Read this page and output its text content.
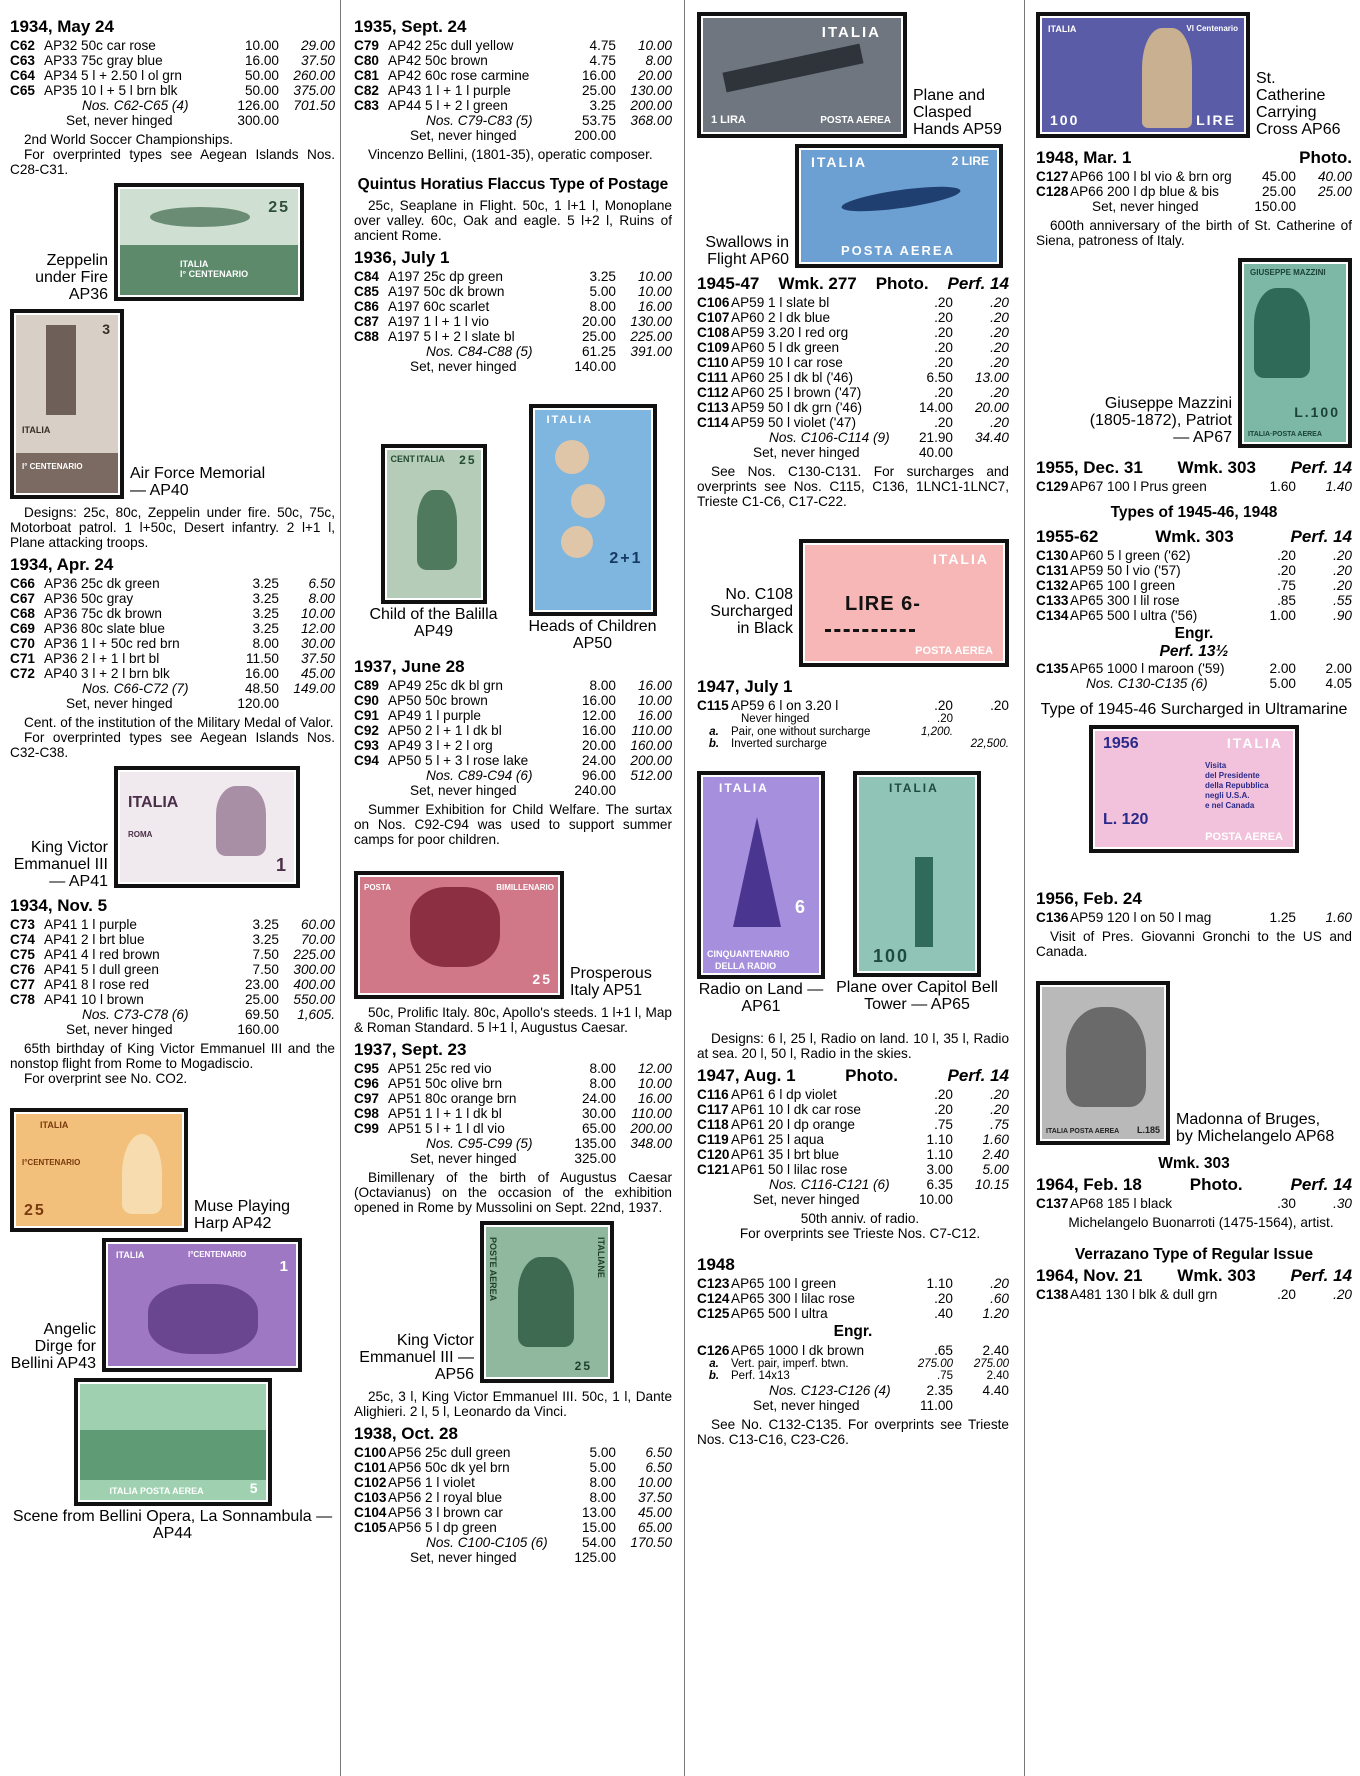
1934, May 24
C62	AP32 50c car rose	10.00	29.00
C63	AP33 75c gray blue	16.00	37.50
C64	AP34 5 l + 2.50 l ol grn	50.00	260.00
C65	AP35 10 l + 5 l brn blk	50.00	375.00
	Nos. C62-C65 (4)	126.00	701.50
	Set, never hinged	300.00	

2nd World Soccer Championships.

For overprinted types see Aegean Islands Nos. C28-C31.

Zeppelin under Fire AP36
ITALIA
I° CENTENARIO
25
ITALIA
I° CENTENARIO
3
Air Force Memorial — AP40

Designs: 25c, 80c, Zeppelin under fire. 50c, 75c, Motorboat patrol. 1 l+50c, Desert infantry. 2 l+1 l, Plane attacking troops.

1934, Apr. 24
C66	AP36 25c dk green	3.25	6.50
C67	AP36 50c gray	3.25	8.00
C68	AP36 75c dk brown	3.25	10.00
C69	AP36 80c slate blue	3.25	12.00
C70	AP36 1 l + 50c red brn	8.00	30.00
C71	AP36 2 l + 1 l brt bl	11.50	37.50
C72	AP40 3 l + 2 l brn blk	16.00	45.00
	Nos. C66-C72 (7)	48.50	149.00
	Set, never hinged	120.00	

Cent. of the institution of the Military Medal of Valor.

For overprinted types see Aegean Islands Nos. C32-C38.

King Victor Emmanuel III — AP41
ITALIA
ROMA
1
1934, Nov. 5
C73	AP41 1 l purple	3.25	60.00
C74	AP41 2 l brt blue	3.25	70.00
C75	AP41 4 l red brown	7.50	225.00
C76	AP41 5 l dull green	7.50	300.00
C77	AP41 8 l rose red	23.00	400.00
C78	AP41 10 l brown	25.00	550.00
	Nos. C73-C78 (6)	69.50	1,605.
	Set, never hinged	160.00	

65th birthday of King Victor Emmanuel III and the nonstop flight from Rome to Mogadiscio.

For overprint see No. CO2.

ITALIA
I°CENTENARIO
25	Muse Playing Harp AP42
Angelic Dirge for Bellini AP43
ITALIA	I°CENTENARIO
1
ITALIA POSTA AEREA	5
Scene from Bellini Opera, La Sonnambula — AP44
1935, Sept. 24
C79	AP42 25c dull yellow	4.75	10.00
C80	AP42 50c brown	4.75	8.00
C81	AP42 60c rose carmine	16.00	20.00
C82	AP43 1 l + 1 l purple	25.00	130.00
C83	AP44 5 l + 2 l green	3.25	200.00
	Nos. C79-C83 (5)	53.75	368.00
	Set, never hinged	200.00	

Vincenzo Bellini, (1801-35), operatic composer.

Quintus Horatius Flaccus Type of Postage

25c, Seaplane in Flight. 50c, 1 l+1 l, Monoplane over valley. 60c, Oak and eagle. 5 l+2 l, Ruins of ancient Rome.

1936, July 1
C84	A197 25c dp green	3.25	10.00
C85	A197 50c dk brown	5.00	10.00
C86	A197 60c scarlet	8.00	16.00
C87	A197 1 l + 1 l vio	20.00	130.00
C88	A197 5 l + 2 l slate bl	25.00	225.00
	Nos. C84-C88 (5)	61.25	391.00
	Set, never hinged	140.00	
CENT ITALIA 25
Child of the Balilla AP49
ITALIA
2+1
Heads of Children AP50
1937, June 28
C89	AP49 25c dk bl grn	8.00	16.00
C90	AP50 50c brown	16.00	10.00
C91	AP49 1 l purple	12.00	16.00
C92	AP50 2 l + 1 l dk bl	16.00	110.00
C93	AP49 3 l + 2 l org	20.00	160.00
C94	AP50 5 l + 3 l rose lake	24.00	200.00
	Nos. C89-C94 (6)	96.00	512.00
	Set, never hinged	240.00	

Summer Exhibition for Child Welfare. The surtax on Nos. C92-C94 was used to support summer camps for poor children.

POSTA	BIMILLENARIO
25 Prosperous Italy AP51

50c, Prolific Italy. 80c, Apollo's steeds. 1 l+1 l, Map & Roman Standard. 5 l+1 l, Augustus Caesar.

1937, Sept. 23
C95	AP51 25c red vio	8.00	12.00
C96	AP51 50c olive brn	8.00	10.00
C97	AP51 80c orange brn	24.00	16.00
C98	AP51 1 l + 1 l dk bl	30.00	110.00
C99	AP51 5 l + 1 l dl vio	65.00	200.00
	Nos. C95-C99 (5)	135.00	348.00
	Set, never hinged	325.00	

Bimillenary of the birth of Augustus Caesar (Octavianus) on the occasion of the exhibition opened in Rome by Mussolini on Sept. 22nd, 1937.

King Victor Emmanuel III — AP56
POSTE AEREA	ITALIANE
25

25c, 3 l, King Victor Emmanuel III. 50c, 1 l, Dante Alighieri. 2 l, 5 l, Leonardo da Vinci.

1938, Oct. 28
C100	AP56 25c dull green	5.00	6.50
C101	AP56 50c dk yel brn	5.00	6.50
C102	AP56 1 l violet	8.00	10.00
C103	AP56 2 l royal blue	8.00	37.50
C104	AP56 3 l brown car	13.00	45.00
C105	AP56 5 l dp green	15.00	65.00
	Nos. C100-C105 (6)	54.00	170.50
	Set, never hinged	125.00	
ITALIA
1 LIRA	POSTA AEREA
Plane and Clasped Hands AP59
Swallows in Flight AP60
ITALIA	2 LIRE
POSTA AEREA
1945-47 Wmk. 277 Photo. Perf. 14
C106	AP59 1 l slate bl	.20	.20
C107	AP60 2 l dk blue	.20	.20
C108	AP59 3.20 l red org	.20	.20
C109	AP60 5 l dk green	.20	.20
C110	AP59 10 l car rose	.20	.20
C111	AP60 25 l dk bl ('46)	6.50	13.00
C112	AP60 25 l brown ('47)	.20	.20
C113	AP59 50 l dk grn ('46)	14.00	20.00
C114	AP59 50 l violet ('47)	.20	.20
	Nos. C106-C114 (9)	21.90	34.40
	Set, never hinged	40.00	

See Nos. C130-C131. For surcharges and overprints see Nos. C115, C136, 1LNC1-1LNC7, Trieste C1-C6, C17-C22.

No. C108 Surcharged in Black
ITALIA
LIRE 6-
POSTA AEREA
1947, July 1
C115	AP59 6 l on 3.20 l	.20	.20
	Never hinged	.20	
a.	Pair, one without surcharge	1,200.	
b.	Inverted surcharge		22,500.
ITALIA
6
CINQUANTENARIO
DELLA RADIO
Radio on Land — AP61
ITALIA
100
Plane over Capitol Bell Tower — AP65

Designs: 6 l, 25 l, Radio on land. 10 l, 35 l, Radio at sea. 20 l, 50 l, Radio in the skies.

1947, Aug. 1	Photo.	Perf. 14
C116	AP61 6 l dp violet	.20	.20
C117	AP61 10 l dk car rose	.20	.20
C118	AP61 20 l dp orange	.75	.75
C119	AP61 25 l aqua	1.10	1.60
C120	AP61 35 l brt blue	1.10	2.40
C121	AP61 50 l lilac rose	3.00	5.00
	Nos. C116-C121 (6)	6.35	10.15
	Set, never hinged	10.00	

50th anniv. of radio.

For overprints see Trieste Nos. C7-C12.

1948
C123	AP65 100 l green	1.10	.20
C124	AP65 300 l lilac rose	.20	.60
C125	AP65 500 l ultra	.40	1.20
Engr.
C126	AP65 1000 l dk brown	.65	2.40
a.	Vert. pair, imperf. btwn.	275.00	275.00
b.	Perf. 14x13	.75	2.40
	Nos. C123-C126 (4)	2.35	4.40
	Set, never hinged	11.00	

See No. C132-C135. For overprints see Trieste Nos. C13-C16, C23-C26.

ITALIA	VI Centenario
100	LIRE
St. Catherine Carrying Cross AP66
1948, Mar. 1	Photo.
C127	AP66 100 l bl vio & brn org	45.00	40.00
C128	AP66 200 l dp blue & bis	25.00	25.00
	Set, never hinged	150.00	

600th anniversary of the birth of St. Catherine of Siena, patroness of Italy.

Giuseppe Mazzini (1805-1872), Patriot — AP67
GIUSEPPE MAZZINI
L.100
ITALIA·POSTA AEREA
1955, Dec. 31 Wmk. 303 Perf. 14
C129	AP67 100 l Prus green	1.60	1.40
Types of 1945-46, 1948
1955-62	Wmk. 303	Perf. 14
C130	AP60 5 l green ('62)	.20	.20
C131	AP59 50 l vio ('57)	.20	.20
C132	AP65 100 l green	.75	.20
C133	AP65 300 l lil rose	.85	.55
C134	AP65 500 l ultra ('56)	1.00	.90
Engr.
Perf. 13½
C135	AP65 1000 l maroon ('59)	2.00	2.00
	Nos. C130-C135 (6)	5.00	4.05
Type of 1945-46 Surcharged in Ultramarine
1956	ITALIA
Visita
del Presidente
della Repubblica
negli U.S.A.
e nel Canada
L. 120
POSTA AEREA
1956, Feb. 24
C136	AP59 120 l on 50 l mag	1.25	1.60

Visit of Pres. Giovanni Gronchi to the US and Canada.

ITALIA POSTA AEREA L.185
Madonna of Bruges, by Michelangelo AP68
Wmk. 303
1964, Feb. 18	Photo.	Perf. 14
C137	AP68 185 l black	.30	.30

Michelangelo Buonarroti (1475-1564), artist.

Verrazano Type of Regular Issue
1964, Nov. 21 Wmk. 303 Perf. 14
C138	A481 130 l blk & dull grn	.20	.20
